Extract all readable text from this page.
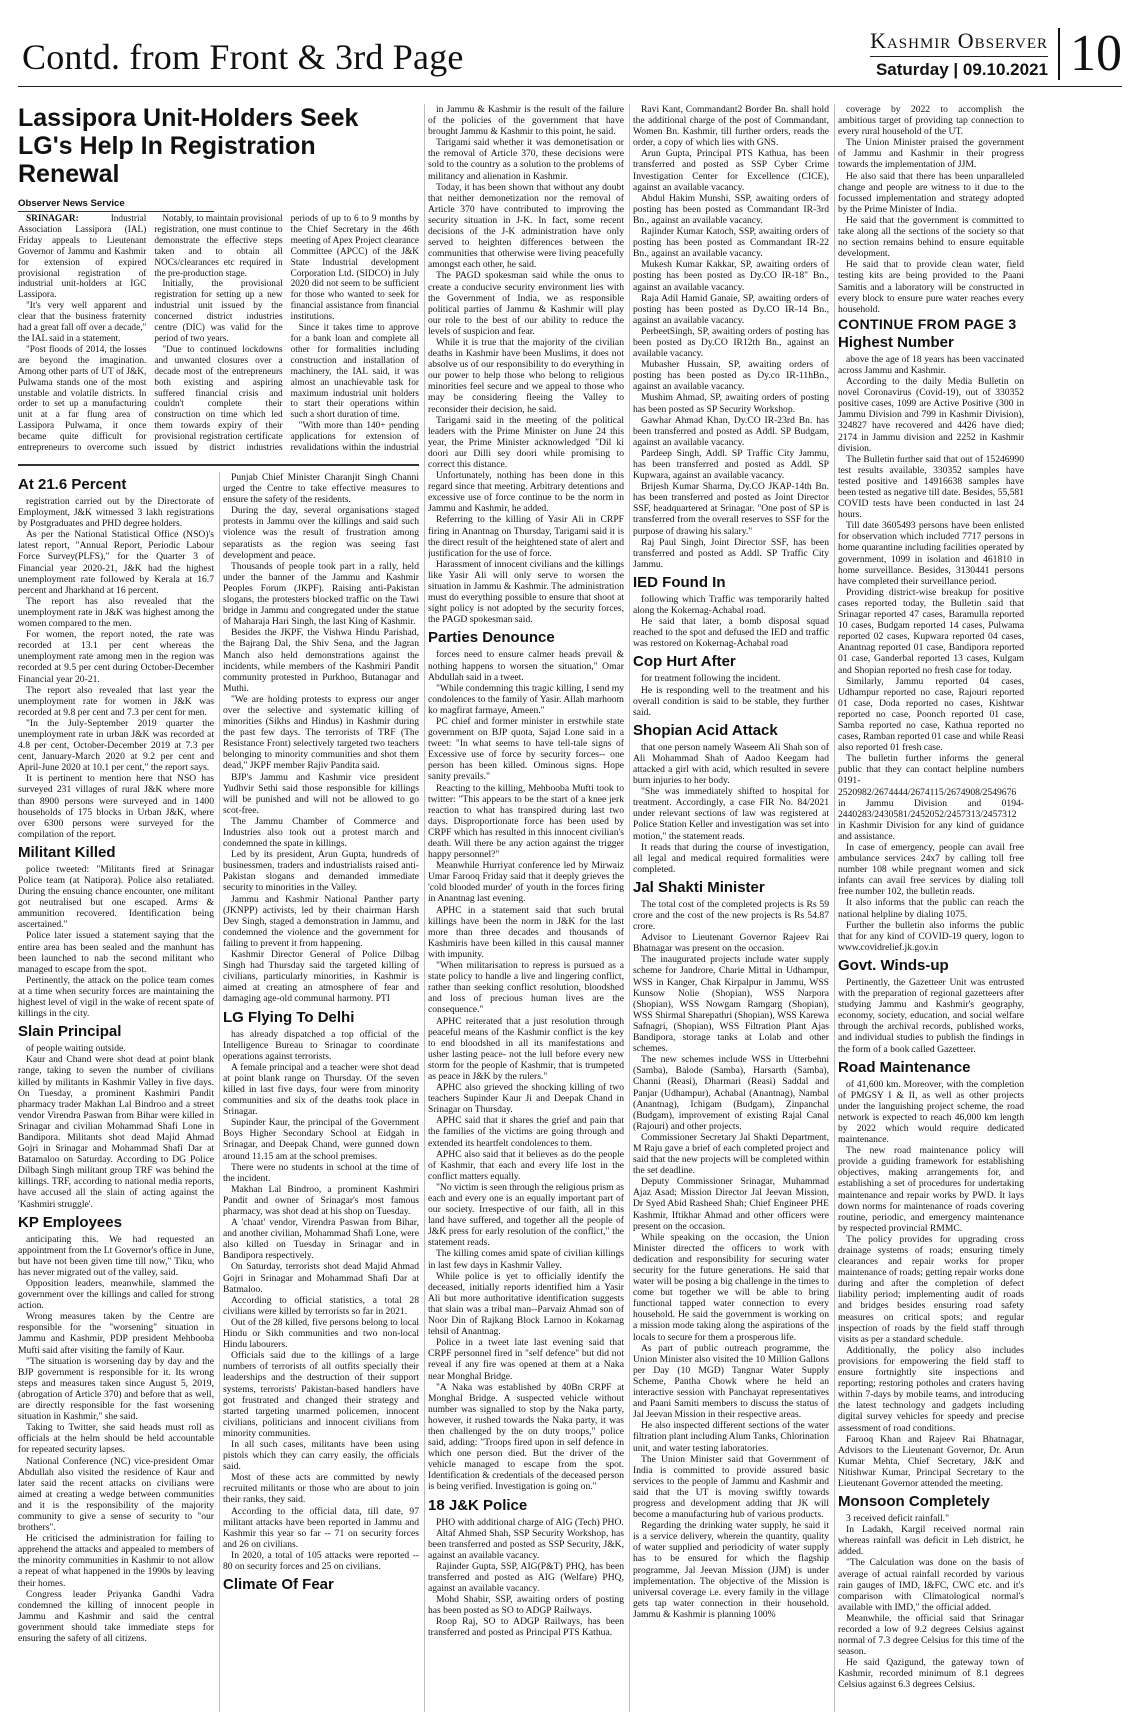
Contd. from Front & 3rd Page	Kashmir Observer
Saturday | 09.10.2021 10
Lassipora Unit-Holders Seek LG's Help In Registration Renewal
Observer News Service

SRINAGAR: Industrial Association Lassipora (IAL) Friday appeals to Lieutenant Governor of Jammu and Kashmir for extension of expired provisional registration of industrial unit-holders at IGC Lassipora.

"It's very well apparent and clear that the business fraternity had a great fall off over a decade," the IAL said in a statement.

"Post floods of 2014, the losses are beyond the imagination. Among other parts of UT of J&K, Pulwama stands one of the most unstable and volatile districts. In order to set up a manufacturing unit at a far flung area of Lassipora Pulwama, it once became quite difficult for entrepreneurs to overcome such

Notably, to maintain provisional registration, one must continue to demonstrate the effective steps taken and to obtain all NOCs/clearances etc required in the pre-production stage.

Initially, the provisional registration for setting up a new industrial unit issued by the concerned district industries centre (DIC) was valid for the period of two years.

"Due to continued lockdowns and unwanted closures over a decade most of the entrepreneurs both existing and aspiring suffered financial crisis and couldn't complete their construction on time which led them towards expiry of their provisional registration certificate issued by district industries

periods of up to 6 to 9 months by the Chief Secretary in the 46th meeting of Apex Project clearance Committee (APCC) of the J&K State Industrial development Corporation Ltd. (SIDCO) in July 2020 did not seem to be sufficient for those who wanted to seek for financial assistance from financial institutions.

Since it takes time to approve for a bank loan and complete all other for formalities including construction and installation of machinery, the IAL said, it was almost an unachievable task for maximum industrial unit holders to start their operations within such a short duration of time.

"With more than 140+ pending applications for extension of revalidations within the industrial

At 21.6 Percent

registration carried out by the Directorate of Employment, J&K witnessed 3 lakh registrations by Postgraduates and PHD degree holders.

As per the National Statistical Office (NSO)'s latest report, "Annual Report, Periodic Labour Force Survey(PLFS)," for the Quarter 3 of Financial year 2020-21, J&K had the highest unemployment rate followed by Kerala at 16.7 percent and Jharkhand at 16 percent.

The report has also revealed that the unemployment rate in J&K was highest among the women compared to the men.

For women, the report noted, the rate was recorded at 13.1 per cent whereas the unemployment rate among men in the region was recorded at 9.5 per cent during October-December Financial year 20-21.

The report also revealed that last year the unemployment rate for women in J&K was recorded at 9.8 per cent and 7.3 per cent for men.

"In the July-September 2019 quarter the unemployment rate in urban J&K was recorded at 4.8 per cent, October-December 2019 at 7.3 per cent, January-March 2020 at 9.2 per cent and April-June 2020 at 10.1 per cent," the report says.

It is pertinent to mention here that NSO has surveyed 231 villages of rural J&K where more than 8900 persons were surveyed and in 1400 households of 175 blocks in Urban J&K, where over 6300 persons were surveyed for the compilation of the report.

Militant Killed

police tweeted: "Militants fired at Srinagar Police team (at Natipora). Police also retaliated. During the ensuing chance encounter, one militant got neutralised but one escaped. Arms & ammunition recovered. Identification being ascertained."

Police later issued a statement saying that the entire area has been sealed and the manhunt has been launched to nab the second militant who managed to escape from the spot.

Pertinently, the attack on the police team comes at a time when security forces are maintaining the highest level of vigil in the wake of recent spate of killings in the city.

Slain Principal

of people waiting outside.

Kaur and Chand were shot dead at point blank range, taking to seven the number of civilians killed by militants in Kashmir Valley in five days. On Tuesday, a prominent Kashmiri Pandit pharmacy trader Makhan Lal Bindroo and a street vendor Virendra Paswan from Bihar were killed in Srinagar and civilian Mohammad Shafi Lone in Bandipora. Militants shot dead Majid Ahmad Gojri in Srinagar and Mohammad Shafi Dar at Batamaloo on Saturday. According to DG Police Dilbagh Singh militant group TRF was behind the killings. TRF, according to national media reports, have accused all the slain of acting against the 'Kashmiri struggle'.

KP Employees

anticipating this. We had requested an appointment from the Lt Governor's office in June, but have not been given time till now," Tiku, who has never migrated out of the valley, said.

Opposition leaders, meanwhile, slammed the government over the killings and called for strong action.

Wrong measures taken by the Centre are responsible for the "worsening" situation in Jammu and Kashmir, PDP president Mehbooba Mufti said after visiting the family of Kaur.

"The situation is worsening day by day and the BJP government is responsible for it. Its wrong steps and measures taken since August 5, 2019, (abrogation of Article 370) and before that as well, are directly responsible for the fast worsening situation in Kashmir," she said.

Taking to Twitter, she said heads must roll as officials at the helm should be held accountable for repeated security lapses.

National Conference (NC) vice-president Omar Abdullah also visited the residence of Kaur and later said the recent attacks on civilians were aimed at creating a wedge between communities and it is the responsibility of the majority community to give a sense of security to "our brothers".

He criticised the administration for failing to apprehend the attacks and appealed to members of the minority communities in Kashmir to not allow a repeat of what happened in the 1990s by leaving their homes.

Congress leader Priyanka Gandhi Vadra condemned the killing of innocent people in Jammu and Kashmir and said the central government should take immediate steps for ensuring the safety of all citizens.

Punjab Chief Minister Charanjit Singh Channi urged the Centre to take effective measures to ensure the safety of the residents.

During the day, several organisations staged protests in Jammu over the killings and said such violence was the result of frustration among separatists as the region was seeing fast development and peace.

Thousands of people took part in a rally, held under the banner of the Jammu and Kashmir Peoples Forum (JKPF). Raising anti-Pakistan slogans, the protesters blocked traffic on the Tawi bridge in Jammu and congregated under the statue of Maharaja Hari Singh, the last King of Kashmir.

Besides the JKPF, the Vishwa Hindu Parishad, the Bajrang Dal, the Shiv Sena, and the Jagran Manch also held demonstrations against the incidents, while members of the Kashmiri Pandit community protested in Purkhoo, Butanagar and Muthi.

"We are holding protests to express our anger over the selective and systematic killing of minorities (Sikhs and Hindus) in Kashmir during the past few days. The terrorists of TRF (The Resistance Front) selectively targeted two teachers belonging to minority communities and shot them dead," JKPF member Rajiv Pandita said.

BJP's Jammu and Kashmir vice president Yudhvir Sethi said those responsible for killings will be punished and will not be allowed to go scot-free.

The Jammu Chamber of Commerce and Industries also took out a protest march and condemned the spate in killings.

Led by its president, Arun Gupta, hundreds of businessmen, traders and industrialists raised anti-Pakistan slogans and demanded immediate security to minorities in the Valley.

Jammu and Kashmir National Panther party (JKNPP) activists, led by their chairman Harsh Dev Singh, staged a demonstration in Jammu, and condemned the violence and the government for failing to prevent it from happening.

Kashmir Director General of Police Dilbag Singh had Thursday said the targeted killing of civilians, particularly minorities, in Kashmir is aimed at creating an atmosphere of fear and damaging age-old communal harmony. PTI

LG Flying To Delhi

has already dispatched a top official of the Intelligence Bureau to Srinagar to coordinate operations against terrorists.

A female principal and a teacher were shot dead at point blank range on Thursday. Of the seven killed in last five days, four were from minority communities and six of the deaths took place in Srinagar.

Supinder Kaur, the principal of the Government Boys Higher Secondary School at Eidgah in Srinagar, and Deepak Chand, were gunned down around 11.15 am at the school premises.

There were no students in school at the time of the incident.

Makhan Lal Bindroo, a prominent Kashmiri Pandit and owner of Srinagar's most famous pharmacy, was shot dead at his shop on Tuesday.

A 'chaat' vendor, Virendra Paswan from Bihar, and another civilian, Mohammad Shafi Lone, were also killed on Tuesday in Srinagar and in Bandipora respectively.

On Saturday, terrorists shot dead Majid Ahmad Gojri in Srinagar and Mohammad Shafi Dar at Batmaloo.

According to official statistics, a total 28 civilians were killed by terrorists so far in 2021.

Out of the 28 killed, five persons belong to local Hindu or Sikh communities and two non-local Hindu labourers.

Officials said due to the killings of a large numbers of terrorists of all outfits specially their leaderships and the destruction of their support systems, terrorists' Pakistan-based handlers have got frustrated and changed their strategy and started targeting unarmed policemen, innocent civilians, politicians and innocent civilians from minority communities.

In all such cases, militants have been using pistols which they can carry easily, the officials said.

Most of these acts are committed by newly recruited militants or those who are about to join their ranks, they said.

According to the official data, till date, 97 militant attacks have been reported in Jammu and Kashmir this year so far -- 71 on security forces and 26 on civilians.

In 2020, a total of 105 attacks were reported -- 80 on security forces and 25 on civilians.

Climate Of Fear

in Jammu & Kashmir is the result of the failure of the policies of the government that have brought Jammu & Kashmir to this point, he said.

Tarigami said whether it was demonetisation or the removal of Article 370, these decisions were sold to the country as a solution to the problems of militancy and alienation in Kashmir.

Today, it has been shown that without any doubt that neither demonetization nor the removal of Article 370 have contributed to improving the security situation in J-K. In fact, some recent decisions of the J-K administration have only served to heighten differences between the communities that otherwise were living peacefully amongst each other, he said.

The PAGD spokesman said while the onus to create a conducive security environment lies with the Government of India, we as responsible political parties of Jammu & Kashmir will play our role to the best of our ability to reduce the levels of suspicion and fear.

While it is true that the majority of the civilian deaths in Kashmir have been Muslims, it does not absolve us of our responsibility to do everything in our power to help those who belong to religious minorities feel secure and we appeal to those who may be considering fleeing the Valley to reconsider their decision, he said.

Tarigami said in the meeting of the political leaders with the Prime Minister on June 24 this year, the Prime Minister acknowledged "Dil ki doori aur Dilli sey doori while promising to correct this distance.

Unfortunately, nothing has been done in this regard since that meeting. Arbitrary detentions and excessive use of force continue to be the norm in Jammu and Kashmir, he added.

Referring to the killing of Yasir Ali in CRPF firing in Anantnag on Thursday, Tarigami said it is the direct result of the heightened state of alert and justification for the use of force.

Harassment of innocent civilians and the killings like Yasir Ali will only serve to worsen the situation in Jammu & Kashmir. The administration must do everything possible to ensure that shoot at sight policy is not adopted by the security forces, the PAGD spokesman said.

Parties Denounce

forces need to ensure calmer heads prevail & nothing happens to worsen the situation," Omar Abdullah said in a tweet.

"While condemning this tragic killing, I send my condolences to the family of Yasir. Allah marhoom ko magfirat farmaye, Ameen."

PC chief and former minister in erstwhile state government on BJP quota, Sajad Lone said in a tweet: "In what seems to have tell-tale signs of Excessive use of force by security forces-- one person has been killed. Ominous signs. Hope sanity prevails."

Reacting to the killing, Mehbooba Mufti took to twitter: "This appears to be the start of a knee jerk reaction to what has transpired during last two days. Disproportionate force has been used by CRPF which has resulted in this innocent civilian's death. Will there be any action against the trigger happy personnel?"

Meanwhile Hurriyat conference led by Mirwaiz Umar Farooq Friday said that it deeply grieves the 'cold blooded murder' of youth in the forces firing in Anantnag last evening.

APHC in a statement said that such brutal killings have been the norm in J&K for the last more than three decades and thousands of Kashmiris have been killed in this causal manner with impunity.

"When militarisation to repress is pursued as a state policy to handle a live and lingering conflict, rather than seeking conflict resolution, bloodshed and loss of precious human lives are the consequence."

APHC reiterated that a just resolution through peaceful means of the Kashmir conflict is the key to end bloodshed in all its manifestations and usher lasting peace- not the lull before every new storm for the people of Kashmir, that is trumpeted as peace in J&K by the rulers."

APHC also grieved the shocking killing of two teachers Supinder Kaur Ji and Deepak Chand in Srinagar on Thursday.

APHC said that it shares the grief and pain that the families of the victims are going through and extended its heartfelt condolences to them.

APHC also said that it believes as do the people of Kashmir, that each and every life lost in the conflict matters equally.

"No victim is seen through the religious prism as each and every one is an equally important part of our society. Irrespective of our faith, all in this land have suffered, and together all the people of J&K press for early resolution of the conflict," the statement reads.

The killing comes amid spate of civilian killings in last few days in Kashmir Valley.

While police is yet to officially identify the deceased, initially reports identified him a Yasir Ali but more authoritative identification suggests that slain was a tribal man--Parvaiz Ahmad son of Noor Din of Rajkang Block Larnoo in Kokarnag tehsil of Anantnag.

Police in a tweet late last evening said that CRPF personnel fired in "self defence" but did not reveal if any fire was opened at them at a Naka near Monghal Bridge.

"A Naka was established by 40Bn CRPF at Monghal Bridge. A suspected vehicle without number was signalled to stop by the Naka party, however, it rushed towards the Naka party, it was then challenged by the on duty troops," police said, adding: "Troops fired upon in self defence in which one person died. But the driver of the vehicle managed to escape from the spot. Identification & credentials of the deceased person is being verified. Investigation is going on."

18 J&K Police

PHO with additional charge of AIG (Tech) PHO.

Altaf Ahmed Shah, SSP Security Workshop, has been transferred and posted as SSP Security, J&K, against an available vacancy.

Rajinder Gupta, SSP, AIG(P&T) PHQ, has been transferred and posted as AIG (Welfare) PHQ, against an available vacancy.

Mohd Shabir, SSP, awaiting orders of posting has been posted as SO to ADGP Railways.

Roop Raj, SO to ADGP Railways, has been transferred and posted as Principal PTS Kathua.

Ravi Kant, Commandant2 Border Bn. shall hold the additional charge of the post of Commandant, Women Bn. Kashmir, till further orders, reads the order, a copy of which lies with GNS.

Arun Gupta, Principal PTS Kathua, has been transferred and posted as SSP Cyber Crime Investigation Center for Excellence (CICE), against an available vacancy.

Abdul Hakim Munshi, SSP, awaiting orders of posting has been posted as Commandant IR-3rd Bn., against an available vacancy.

Rajinder Kumar Katoch, SSP, awaiting orders of posting has been posted as Commandant IR-22 Bn., against an available vacancy.

Mukesh Kumar Kakkar, SP, awaiting orders of posting has been posted as Dy.CO IR-18" Bn., against an available vacancy.

Raja Adil Hamid Ganaie, SP, awaiting orders of posting has been posted as Dy.CO IR-14 Bn., against an available vacancy.

PerbeetSingh, SP, awaiting orders of posting has been posted as Dy.CO IR12th Bn., against an available vacancy.

Mubasher Hussain, SP, awaiting orders of posting has been posted as Dy.co IR-11hBn., against an available vacancy.

Mushim Ahmad, SP, awaiting orders of posting has been posted as SP Security Workshop.

Gawhar Ahmad Khan, Dy.CO IR-23rd Bn. has been transferred and posted as Addl. SP Budgam, against an available vacancy.

Pardeep Singh, Addl. SP Traffic City Jammu, has been transferred and posted as Addl. SP Kupwara, against an available vacancy.

Brijesh Kumar Sharma, Dy.CO JKAP-14th Bn. has been transferred and posted as Joint Director SSF, headquartered at Srinagar. "One post of SP is transferred from the overall reserves to SSF for the purpose of drawing his salary."

Raj Paul Singh, Joint Director SSF, has been transferred and posted as Addl. SP Traffic City Jammu.

IED Found In

following which Traffic was temporarily halted along the Kokernag-Achabal road.

He said that later, a bomb disposal squad reached to the spot and defused the IED and traffic was restored on Kokernag-Achabal road

Cop Hurt After

for treatment following the incident.

He is responding well to the treatment and his overall condition is said to be stable, they further said.

Shopian Acid Attack

that one person namely Waseem Ali Shah son of Ali Mohammad Shah of Aadoo Keegam had attacked a girl with acid, which resulted in severe burn injuries to her body.

"She was immediately shifted to hospital for treatment. Accordingly, a case FIR No. 84/2021 under relevant sections of law was registered at Police Station Keller and investigation was set into motion," the statement reads.

It reads that during the course of investigation, all legal and medical required formalities were completed.

Jal Shakti Minister

The total cost of the completed projects is Rs 59 crore and the cost of the new projects is Rs 54.87 crore.

Advisor to Lieutenant Governor Rajeev Rai Bhatnagar was present on the occasion.

The inaugurated projects include water supply scheme for Jandrore, Charie Mittal in Udhampur, WSS in Kanger, Chak Kirpalpur in Jammu, WSS Kunsow Nolie (Shopian), WSS Narpora (Shopian), WSS Nowgam Ramgarg (Shopian), WSS Shirmal Sharepathri (Shopian), WSS Karewa Safnagri, (Shopian), WSS Filtration Plant Ajas Bandipora, storage tanks at Lolab and other schemes.

The new schemes include WSS in Utterbehni (Samba), Balode (Samba), Harsarth (Samba), Channi (Reasi), Dharmari (Reasi) Saddal and Panjar (Udhampur), Achabal (Anantnag), Nambal (Anantnag), Ichigam (Budgam), Zinpanchal (Budgam), improvement of existing Rajal Canal (Rajouri) and other projects.

Commissioner Secretary Jal Shakti Department, M Raju gave a brief of each completed project and said that the new projects will be completed within the set deadline.

Deputy Commissioner Srinagar, Muhammad Ajaz Asad; Mission Director Jal Jeevan Mission, Dr Syed Abid Rasheed Shah; Chief Engineer PHE Kashmir, Iftikhar Ahmad and other officers were present on the occasion.

While speaking on the occasion, the Union Minister directed the officers to work with dedication and responsibility for securing water security for the future generations. He said that water will be posing a big challenge in the times to come but together we will be able to bring functional tapped water connection to every household. He said the government is working on a mission mode taking along the aspirations of the locals to secure for them a prosperous life.

As part of public outreach programme, the Union Minister also visited the 10 Million Gallons per Day (10 MGD) Tangnar Water Supply Scheme, Pantha Chowk where he held an interactive session with Panchayat representatives and Paani Samiti members to discuss the status of Jal Jeevan Mission in their respective areas.

He also inspected different sections of the water filtration plant including Alum Tanks, Chlorination unit, and water testing laboratories.

The Union Minister said that Government of India is committed to provide assured basic services to the people of Jammu and Kashmir and said that the UT is moving swiftly towards progress and development adding that JK will become a manufacturing hub of various products.

Regarding the drinking water supply, he said it is a service delivery, wherein the quantity, quality of water supplied and periodicity of water supply has to be ensured for which the flagship programme, Jal Jeevan Mission (JJM) is under implementation. The objective of the Mission is universal coverage i.e. every family in the village gets tap water connection in their household. Jammu & Kashmir is planning 100%

coverage by 2022 to accomplish the ambitious target of providing tap connection to every rural household of the UT.

The Union Minister praised the government of Jammu and Kashmir in their progress towards the implementation of JJM.

He also said that there has been unparalleled change and people are witness to it due to the focussed implementation and strategy adopted by the Prime Minister of India.

He said that the government is committed to take along all the sections of the society so that no section remains behind to ensure equitable development.

He said that to provide clean water, field testing kits are being provided to the Paani Samitis and a laboratory will be constructed in every block to ensure pure water reaches every household.

CONTINUE FROM PAGE 3
Highest Number

above the age of 18 years has been vaccinated across Jammu and Kashmir.

According to the daily Media Bulletin on novel Coronavirus (Covid-19), out of 330352 positive cases, 1099 are Active Positive (300 in Jammu Division and 799 in Kashmir Division), 324827 have recovered and 4426 have died; 2174 in Jammu division and 2252 in Kashmir division.

The Bulletin further said that out of 15246990 test results available, 330352 samples have tested positive and 14916638 samples have been tested as negative till date. Besides, 55,581 COVID tests have been conducted in last 24 hours.

Till date 3605493 persons have been enlisted for observation which included 7717 persons in home quarantine including facilities operated by government, 1099 in isolation and 461810 in home surveillance. Besides, 3130441 persons have completed their surveillance period.

Providing district-wise breakup for positive cases reported today, the Bulletin said that Srinagar reported 47 cases, Baramulla reported 10 cases, Budgam reported 14 cases, Pulwama reported 02 cases, Kupwara reported 04 cases, Anantnag reported 01 case, Bandipora reported 01 case, Ganderbal reported 13 cases, Kulgam and Shopian reported no fresh case for today.

Similarly, Jammu reported 04 cases, Udhampur reported no case, Rajouri reported 01 case, Doda reported no cases, Kishtwar reported no case, Poonch reported 01 case, Samba reported no case, Kathua reported no cases, Ramban reported 01 case and while Reasi also reported 01 fresh case.

The bulletin further informs the general public that they can contact helpline numbers 0191-2520982/2674444/2674115/2674908/2549676 in Jammu Division and 0194-2440283/2430581/2452052/2457313/2457312 in Kashmir Division for any kind of guidance and assistance.

In case of emergency, people can avail free ambulance services 24x7 by calling toll free number 108 while pregnant women and sick infants can avail free services by dialing toll free number 102, the bulletin reads.

It also informs that the public can reach the national helpline by dialing 1075.

Further the bulletin also informs the public that for any kind of COVID-19 query, logon to www.covidrelief.jk.gov.in

Govt. Winds-up

Pertinently, the Gazetteer Unit was entrusted with the preparation of regional gazetteers after studying Jammu and Kashmir's geography, economy, society, education, and social welfare through the archival records, published works, and individual studies to publish the findings in the form of a book called Gazetteer.

Road Maintenance

of 41,600 km. Moreover, with the completion of PMGSY I & II, as well as other projects under the languishing project scheme, the road network is expected to reach 46,000 km length by 2022 which would require dedicated maintenance.

The new road maintenance policy will provide a guiding framework for establishing objectives, making arrangements for, and establishing a set of procedures for undertaking maintenance and repair works by PWD. It lays down norms for maintenance of roads covering routine, periodic, and emergency maintenance by respected provincial RMMC.

The policy provides for upgrading cross drainage systems of roads; ensuring timely clearances and repair works for proper maintenance of roads; getting repair works done during and after the completion of defect liability period; implementing audit of roads and bridges besides ensuring road safety measures on critical spots; and regular inspection of roads by the field staff through visits as per a standard schedule.

Additionally, the policy also includes provisions for empowering the field staff to ensure fortnightly site inspections and reporting; restoring potholes and craters having within 7-days by mobile teams, and introducing the latest technology and gadgets including digital survey vehicles for speedy and precise assessment of road conditions.

Farooq Khan and Rajeev Rai Bhatnagar, Advisors to the Lieutenant Governor, Dr. Arun Kumar Mehta, Chief Secretary, J&K and Nitishwar Kumar, Principal Secretary to the Lieutenant Governor attended the meeting.

Monsoon Completely

3 received deficit rainfall."

In Ladakh, Kargil received normal rain whereas rainfall was deficit in Leh district, he added.

"The Calculation was done on the basis of average of actual rainfall recorded by various rain gauges of IMD, I&FC, CWC etc. and it's comparison with Climatological normal's available with IMD," the official added.

Meanwhile, the official said that Srinagar recorded a low of 9.2 degrees Celsius against normal of 7.3 degree Celsius for this time of the season.

He said Qazigund, the gateway town of Kashmir, recorded minimum of 8.1 degrees Celsius against 6.3 degrees Celsius.
